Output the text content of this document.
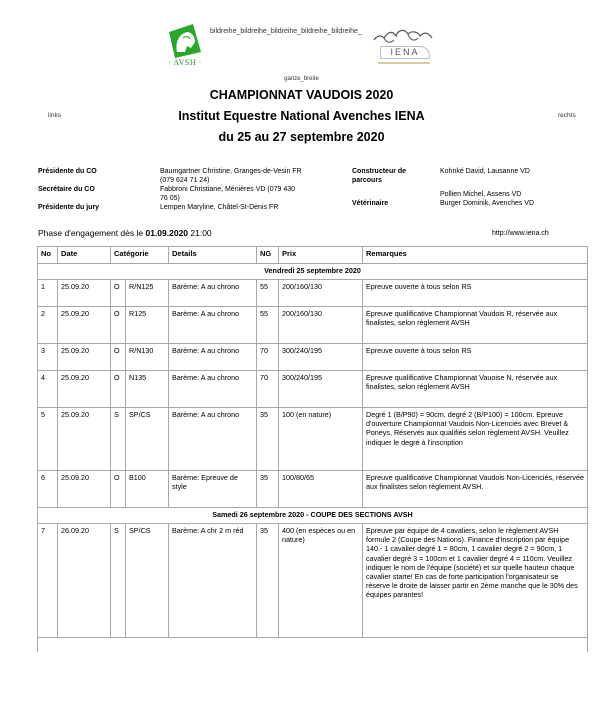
· AVSH ·
bildreihe_bildreihe_bildreihe_bildreihe_bildreihe_
IENA
ganze_breite
CHAMPIONNAT VAUDOIS 2020
links	Institut Equestre National Avenches IENA	rechts
du 25 au 27 septembre 2020
Présidente du CO	Baumgartner Christine, Granges-de-Vesin FR (079 624 71 24)
Secrétaire du CO	Fabbroni Christiane, Ménières VD (079 430 76 05)
Présidente du jury	Lempen Maryline, Châtel-St-Denis FR
Constructeur de parcours
Kohnké David, Lausanne VD
Pollien Michel, Assens VD
Vétérinaire	Burger Dominik, Avenches VD
Phase d'engagement dès le 01.09.2020 21:00	http://www.iena.ch
No	Date	Catégorie		Details	NG	Prix	Remarques
Vendredi 25 septembre 2020							
1	25.09.20	O	R/N125	Barème: A au chrono	55	200/160/130	Epreuve ouverte à tous selon RS
2	25.09.20	O	R125	Barème: A au chrono	55	200/160/130	Epreuve qualificative Championnat Vaudois R, réservée aux finalistes, selon règlement AVSH
3	25.09.20	O	R/N130	Barème: A au chrono	70	300/240/195	Epreuve ouverte à tous selon RS
4	25.09.20	O	N135	Barème: A au chrono	70	300/240/195	Epreuve qualificative Championnat Vauoise N, réservée aux finalistes, selon réglement AVSH
5	25.09.20	S	SP/CS	Barème: A au chrono	35	100 (en nature)	Degré 1 (B/P90) = 90cm, degré 2 (B/P100) = 100cm. Epreuve d'ouverture Championnat Vaudois Non-Licenciés avec Brevet & Poneys, Réservés aux qualifiés selon règlement AVSH. Veuillez indiquer le degré à l'inscription
6	25.09.20	O	B100	Barème: Epreuve de style	35	100/80/65	Epreuve qualificative Championnat Vaudois Non-Licenciés, réservée aux finalistes selon règlement AVSH.
Samedi 26 septembre 2020 - COUPE DES SECTIONS AVSH							
7	26.09.20	S	SP/CS	Barème: A chr 2 m réd	35	400 (en espèces ou en nature)	Epreuve par équipe de 4 cavaliers, selon le règlement AVSH formule 2 (Coupe des Nations). Finance d'inscription par équipe 140.- 1 cavalier degré 1 = 80cm, 1 cavalier degré 2 = 90cm, 1 cavalier degré 3 = 100cm et 1 cavalier degré 4 = 110cm. Veuillez indiquer le nom de l'équipe (société) et sur quelle hauteur chaque cavalier starte! En cas de forte participation l'organisateur se réserve le droite de laisser partir en 2ème manche que le 30% des équipes parantes!
